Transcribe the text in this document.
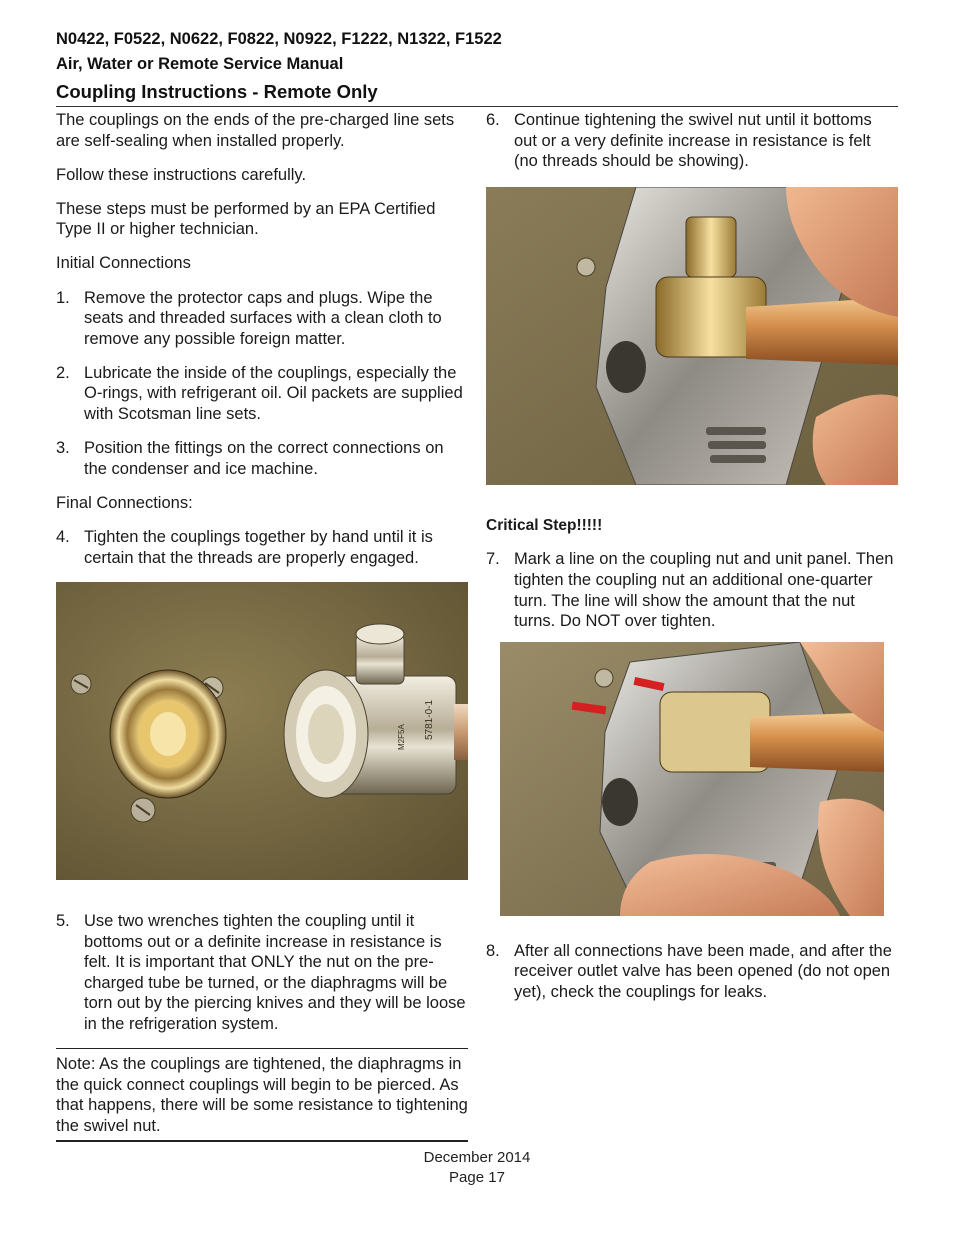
N0422, F0522, N0622, F0822, N0922, F1222, N1322, F1522
Air, Water or Remote Service Manual
Coupling Instructions - Remote Only

The couplings on the ends of the pre-charged line sets are self-sealing when installed properly.

Follow these instructions carefully.

These steps must be performed by an EPA Certified Type II or higher technician.

Initial Connections

1. Remove the protector caps and plugs. Wipe the seats and threaded surfaces with a clean cloth to remove any possible foreign matter.
2. Lubricate the inside of the couplings, especially the O-rings, with refrigerant oil. Oil packets are supplied with Scotsman line sets.
3. Position the fittings on the correct connections on the condenser and ice machine.

Final Connections:

4. Tighten the couplings together by hand until it is certain that the threads are properly engaged.
5781-0-1
M2F5A
5. Use two wrenches tighten the coupling until it bottoms out or a definite increase in resistance is felt. It is important that ONLY the nut on the pre-charged tube be turned, or the diaphragms will be torn out by the piercing knives and they will be loose in the refrigeration system.

Note: As the couplings are tightened, the diaphragms in the quick connect couplings will begin to be pierced. As that happens, there will be some resistance to tightening the swivel nut.

6. Continue tightening the swivel nut until it bottoms out or a very definite increase in resistance is felt (no threads should be showing).

Critical Step!!!!!

7. Mark a line on the coupling nut and unit panel. Then tighten the coupling nut an additional one-quarter turn. The line will show the amount that the nut turns. Do NOT over tighten.
8. After all connections have been made, and after the receiver outlet valve has been opened (do not open yet), check the couplings for leaks.
December 2014
Page 17
